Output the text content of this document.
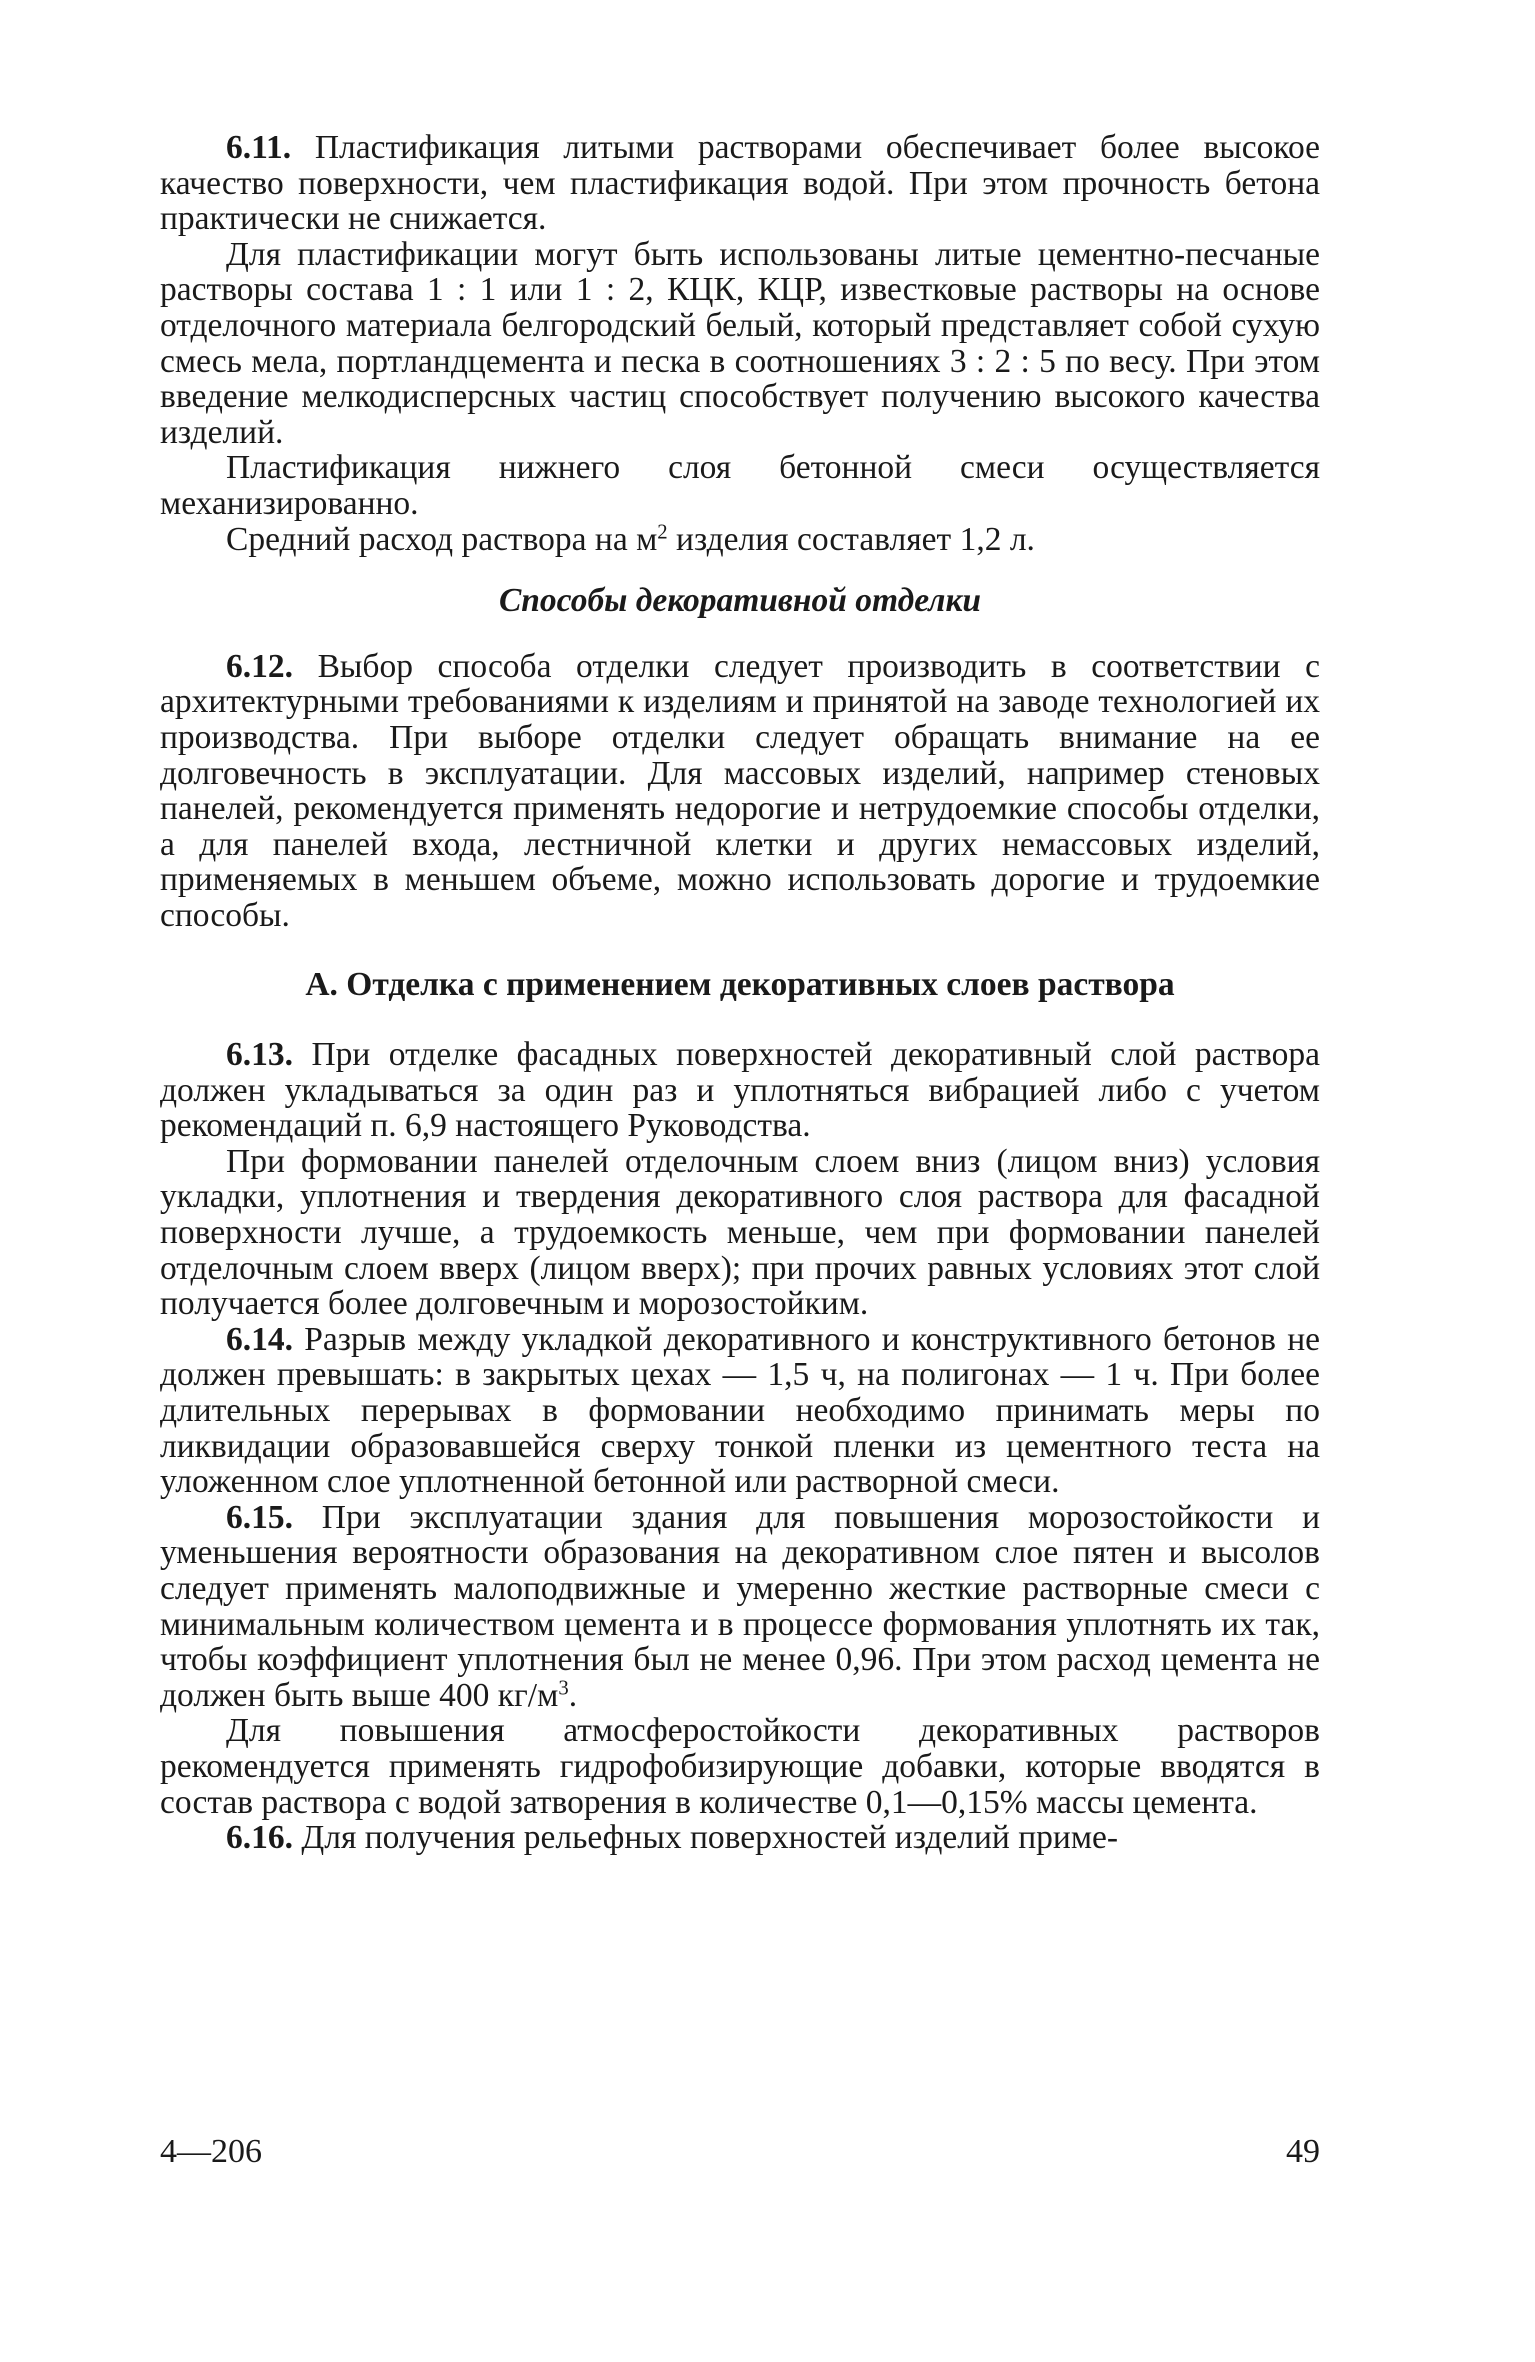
6.11. Пластификация литыми растворами обеспечивает более высокое качество поверхности, чем пластификация водой. При этом прочность бетона практически не снижается.

Для пластификации могут быть использованы литые цементно-песчаные растворы состава 1 : 1 или 1 : 2, КЦК, КЦР, известковые растворы на основе отделочного материала белгородский белый, который представляет собой сухую смесь мела, портландцемента и песка в соотношениях 3 : 2 : 5 по весу. При этом введение мелкодисперсных частиц способствует получению высокого качества изделий.

Пластификация нижнего слоя бетонной смеси осуществляется механизированно.

Средний расход раствора на $м^2$ изделия составляет 1,2 л.

Способы декоративной отделки

6.12. Выбор способа отделки следует производить в соответствии с архитектурными требованиями к изделиям и принятой на заводе технологией их производства. При выборе отделки следует обращать внимание на ее долговечность в эксплуатации. Для массовых изделий, например стеновых панелей, рекомендуется применять недорогие и нетрудоемкие способы отделки, а для панелей входа, лестничной клетки и других немассовых изделий, применяемых в меньшем объеме, можно использовать дорогие и трудоемкие способы.

А. Отделка с применением декоративных слоев раствора

6.13. При отделке фасадных поверхностей декоративный слой раствора должен укладываться за один раз и уплотняться вибрацией либо с учетом рекомендаций п. 6,9 настоящего Руководства.

При формовании панелей отделочным слоем вниз (лицом вниз) условия укладки, уплотнения и твердения декоративного слоя раствора для фасадной поверхности лучше, а трудоемкость меньше, чем при формовании панелей отделочным слоем вверх (лицом вверх); при прочих равных условиях этот слой получается более долговечным и морозостойким.

6.14. Разрыв между укладкой декоративного и конструктивного бетонов не должен превышать: в закрытых цехах — 1,5 ч, на полигонах — 1 ч. При более длительных перерывах в формовании необходимо принимать меры по ликвидации образовавшейся сверху тонкой пленки из цементного теста на уложенном слое уплотненной бетонной или растворной смеси.

6.15. При эксплуатации здания для повышения морозостойкости и уменьшения вероятности образования на декоративном слое пятен и высолов следует применять малоподвижные и умеренно жесткие растворные смеси с минимальным количеством цемента и в процессе формования уплотнять их так, чтобы коэффициент уплотнения был не менее 0,96. При этом расход цемента не должен быть выше 400 $кг/м^3$.

Для повышения атмосферостойкости декоративных растворов рекомендуется применять гидрофобизирующие добавки, которые вводятся в состав раствора с водой затворения в количестве 0,1—0,15% массы цемента.

6.16. Для получения рельефных поверхностей изделий приме-

4—206	49
